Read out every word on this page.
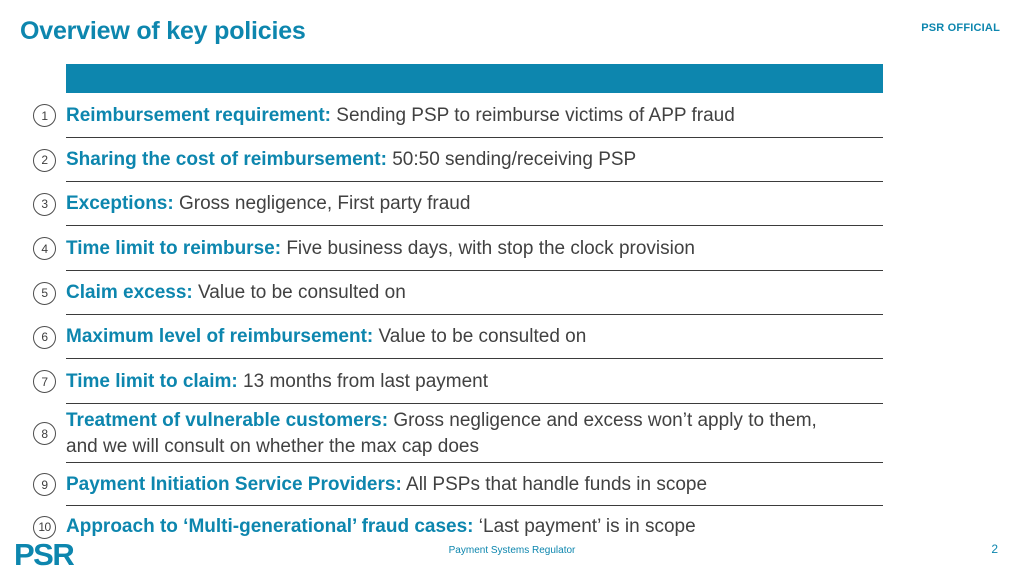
Overview of key policies	PSR OFFICIAL
1 Reimbursement requirement: Sending PSP to reimburse victims of APP fraud
2 Sharing the cost of reimbursement: 50:50 sending/receiving PSP
3 Exceptions: Gross negligence, First party fraud
4 Time limit to reimburse: Five business days, with stop the clock provision
5 Claim excess: Value to be consulted on
6 Maximum level of reimbursement: Value to be consulted on
7 Time limit to claim: 13 months from last payment
8
Treatment of vulnerable customers: Gross negligence and excess won’t apply to them,
and we will consult on whether the max cap does
9 Payment Initiation Service Providers: All PSPs that handle funds in scope
10 Approach to ‘Multi-generational’ fraud cases: ‘Last payment’ is in scope
PSR	Payment Systems Regulator	2
